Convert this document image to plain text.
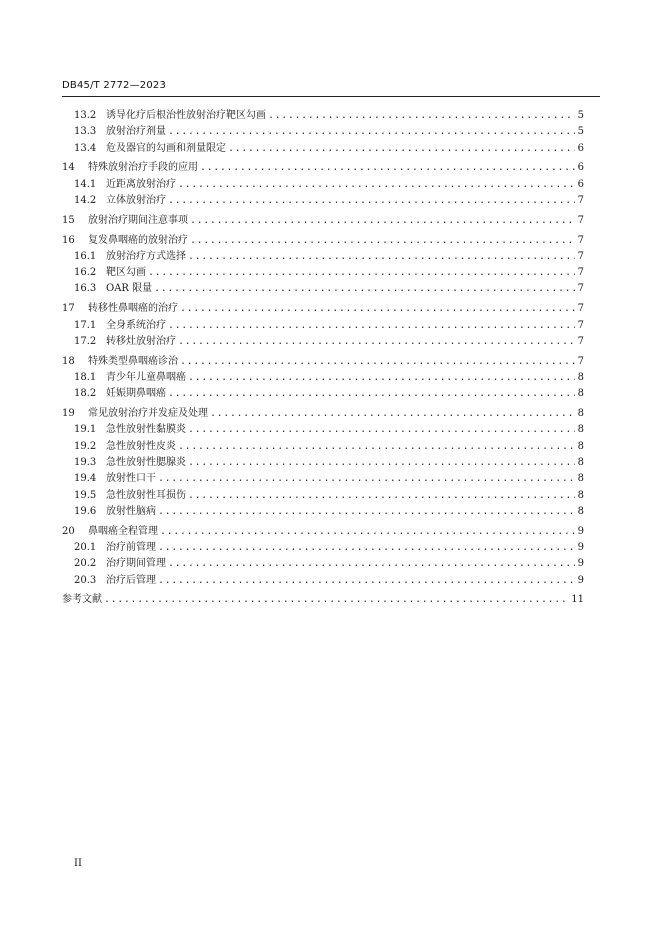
DB45/T 2772—2023
13.2 诱导化疗后根治性放射治疗靶区勾画 .....	5
13.3 放射治疗剂量 .....	5
13.4 危及器官的勾画和剂量限定 .....	6
14	特殊放射治疗手段的应用 .....	6
14.1 近距离放射治疗 .....	6
14.2 立体放射治疗 .....	7
15	放射治疗期间注意事项 .....	7
16	复发鼻咽癌的放射治疗 .....	7
16.1 放射治疗方式选择 .....	7
16.2 靶区勾画 .....	7
16.3 OAR 限量 .....	7
17	转移性鼻咽癌的治疗 .....	7
17.1 全身系统治疗 .....	7
17.2 转移灶放射治疗 .....	7
18	特殊类型鼻咽癌诊治 .....	7
18.1 青少年儿童鼻咽癌 .....	8
18.2 妊娠期鼻咽癌 .....	8
19	常见放射治疗并发症及处理 .....	8
19.1 急性放射性黏膜炎 .....	8
19.2 急性放射性皮炎 .....	8
19.3 急性放射性腮腺炎 .....	8
19.4 放射性口干 .....	8
19.5 急性放射性耳损伤 .....	8
19.6 放射性脑病 .....	8
20	鼻咽癌全程管理 .....	9
20.1 治疗前管理 .....	9
20.2 治疗期间管理 .....	9
20.3 治疗后管理 .....	9
参考文献 .....	11
II
